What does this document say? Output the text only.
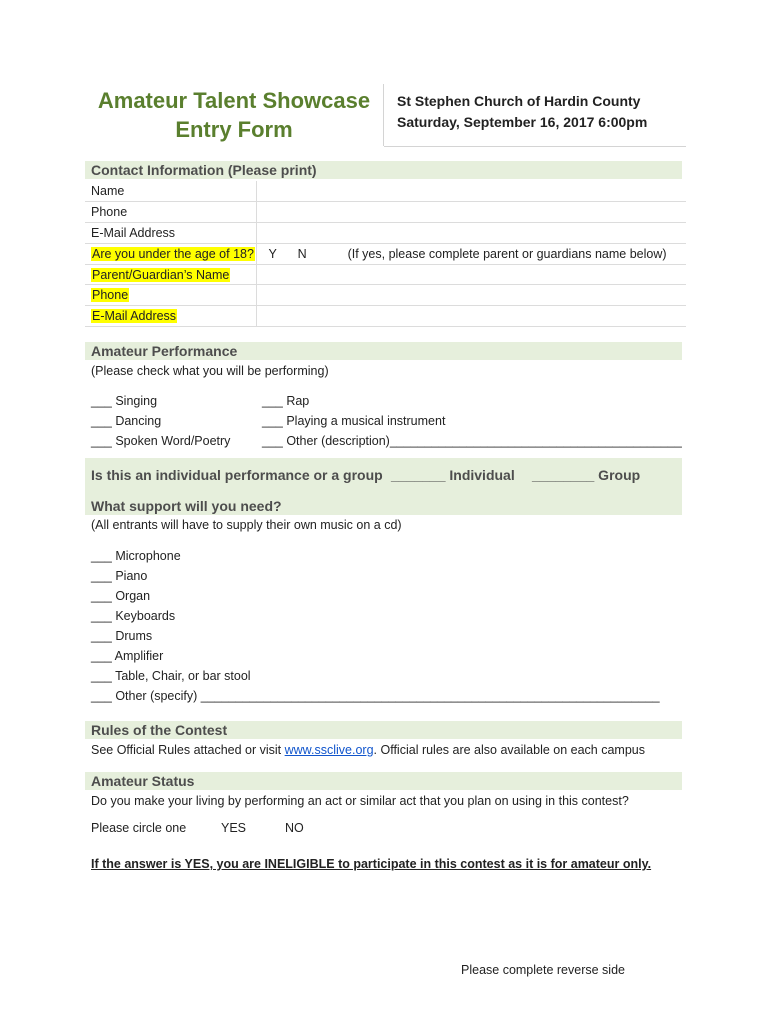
Amateur Talent Showcase
Entry Form
St Stephen Church of Hardin County
Saturday, September 16, 2017 6:00pm
Contact Information (Please print)
Name	
Phone	
E-Mail Address	
Are you under the age of 18?	Y N (If yes, please complete parent or guardians name below)
Parent/Guardian’s Name	
Phone	
E-Mail Address	
Amateur Performance
(Please check what you will be performing)
___ Singing
___ Dancing
___ Spoken Word/Poetry
___ Rap
___ Playing a musical instrument
___ Other (description)__________________________________________
Is this an individual performance or a group _______ Individual ________ Group
What support will you need?
(All entrants will have to supply their own music on a cd)
___ Microphone
___ Piano
___ Organ
___ Keyboards
___ Drums
___ Amplifier
___ Table, Chair, or bar stool
___ Other (specify) __________________________________________________________________
Rules of the Contest
See Official Rules attached or visit www.ssclive.org. Official rules are also available on each campus
Amateur Status
Do you make your living by performing an act or similar act that you plan on using in this contest?
Please circle one	YES	NO
If the answer is YES, you are INELIGIBLE to participate in this contest as it is for amateur only.
Please complete reverse side
